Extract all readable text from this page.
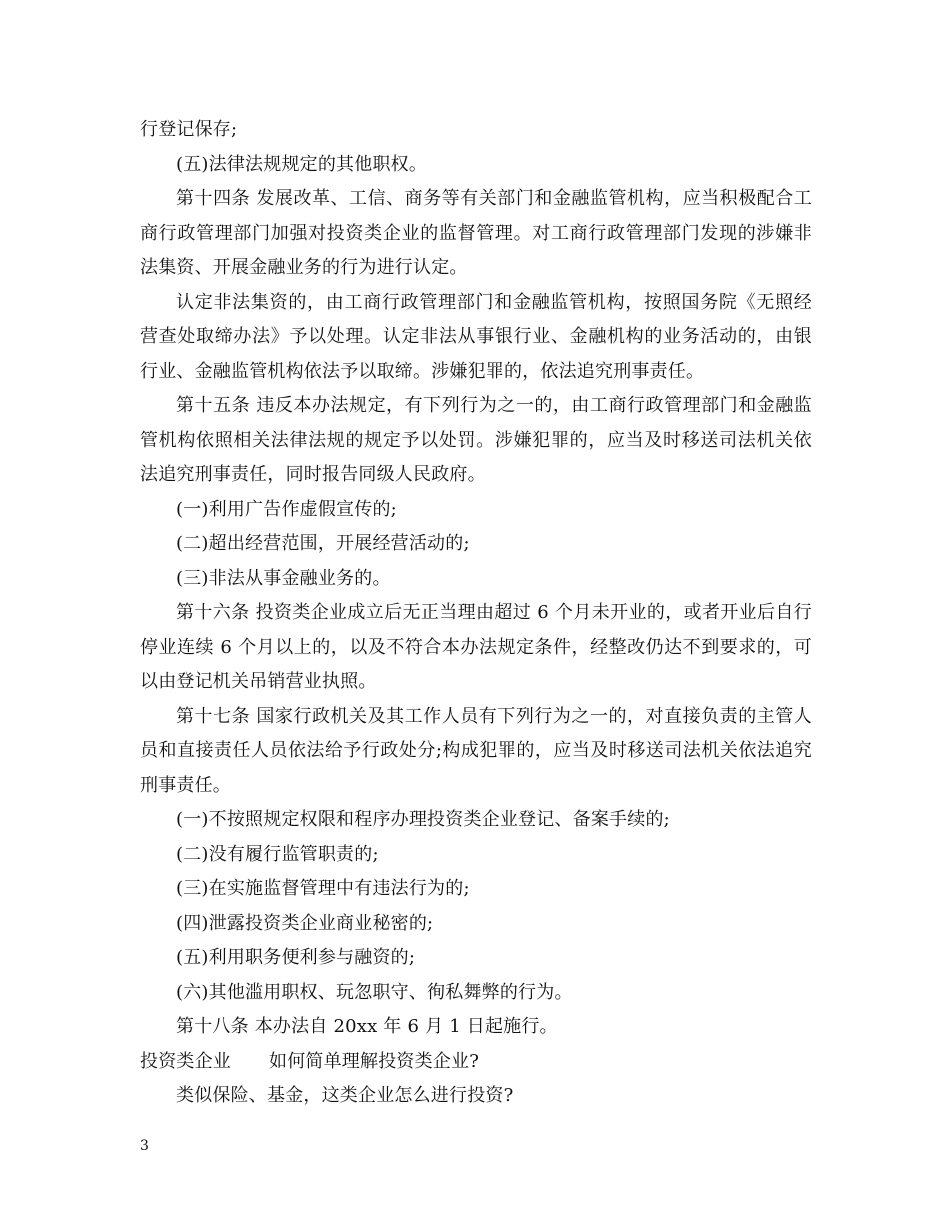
行登记保存;

(五)法律法规规定的其他职权。

第十四条 发展改革、工信、商务等有关部门和金融监管机构，应当积极配合工商行政管理部门加强对投资类企业的监督管理。对工商行政管理部门发现的涉嫌非法集资、开展金融业务的行为进行认定。

认定非法集资的，由工商行政管理部门和金融监管机构，按照国务院《无照经营查处取缔办法》予以处理。认定非法从事银行业、金融机构的业务活动的，由银行业、金融监管机构依法予以取缔。涉嫌犯罪的，依法追究刑事责任。

第十五条 违反本办法规定，有下列行为之一的，由工商行政管理部门和金融监管机构依照相关法律法规的规定予以处罚。涉嫌犯罪的，应当及时移送司法机关依法追究刑事责任，同时报告同级人民政府。

(一)利用广告作虚假宣传的;

(二)超出经营范围，开展经营活动的;

(三)非法从事金融业务的。

第十六条 投资类企业成立后无正当理由超过 6 个月未开业的，或者开业后自行停业连续 6 个月以上的，以及不符合本办法规定条件，经整改仍达不到要求的，可以由登记机关吊销营业执照。

第十七条 国家行政机关及其工作人员有下列行为之一的，对直接负责的主管人员和直接责任人员依法给予行政处分;构成犯罪的，应当及时移送司法机关依法追究刑事责任。

(一)不按照规定权限和程序办理投资类企业登记、备案手续的;

(二)没有履行监管职责的;

(三)在实施监督管理中有违法行为的;

(四)泄露投资类企业商业秘密的;

(五)利用职务便利参与融资的;

(六)其他滥用职权、玩忽职守、徇私舞弊的行为。

第十八条 本办法自 20xx 年 6 月 1 日起施行。

投资类企业 如何简单理解投资类企业?

类似保险、基金，这类企业怎么进行投资?

3
